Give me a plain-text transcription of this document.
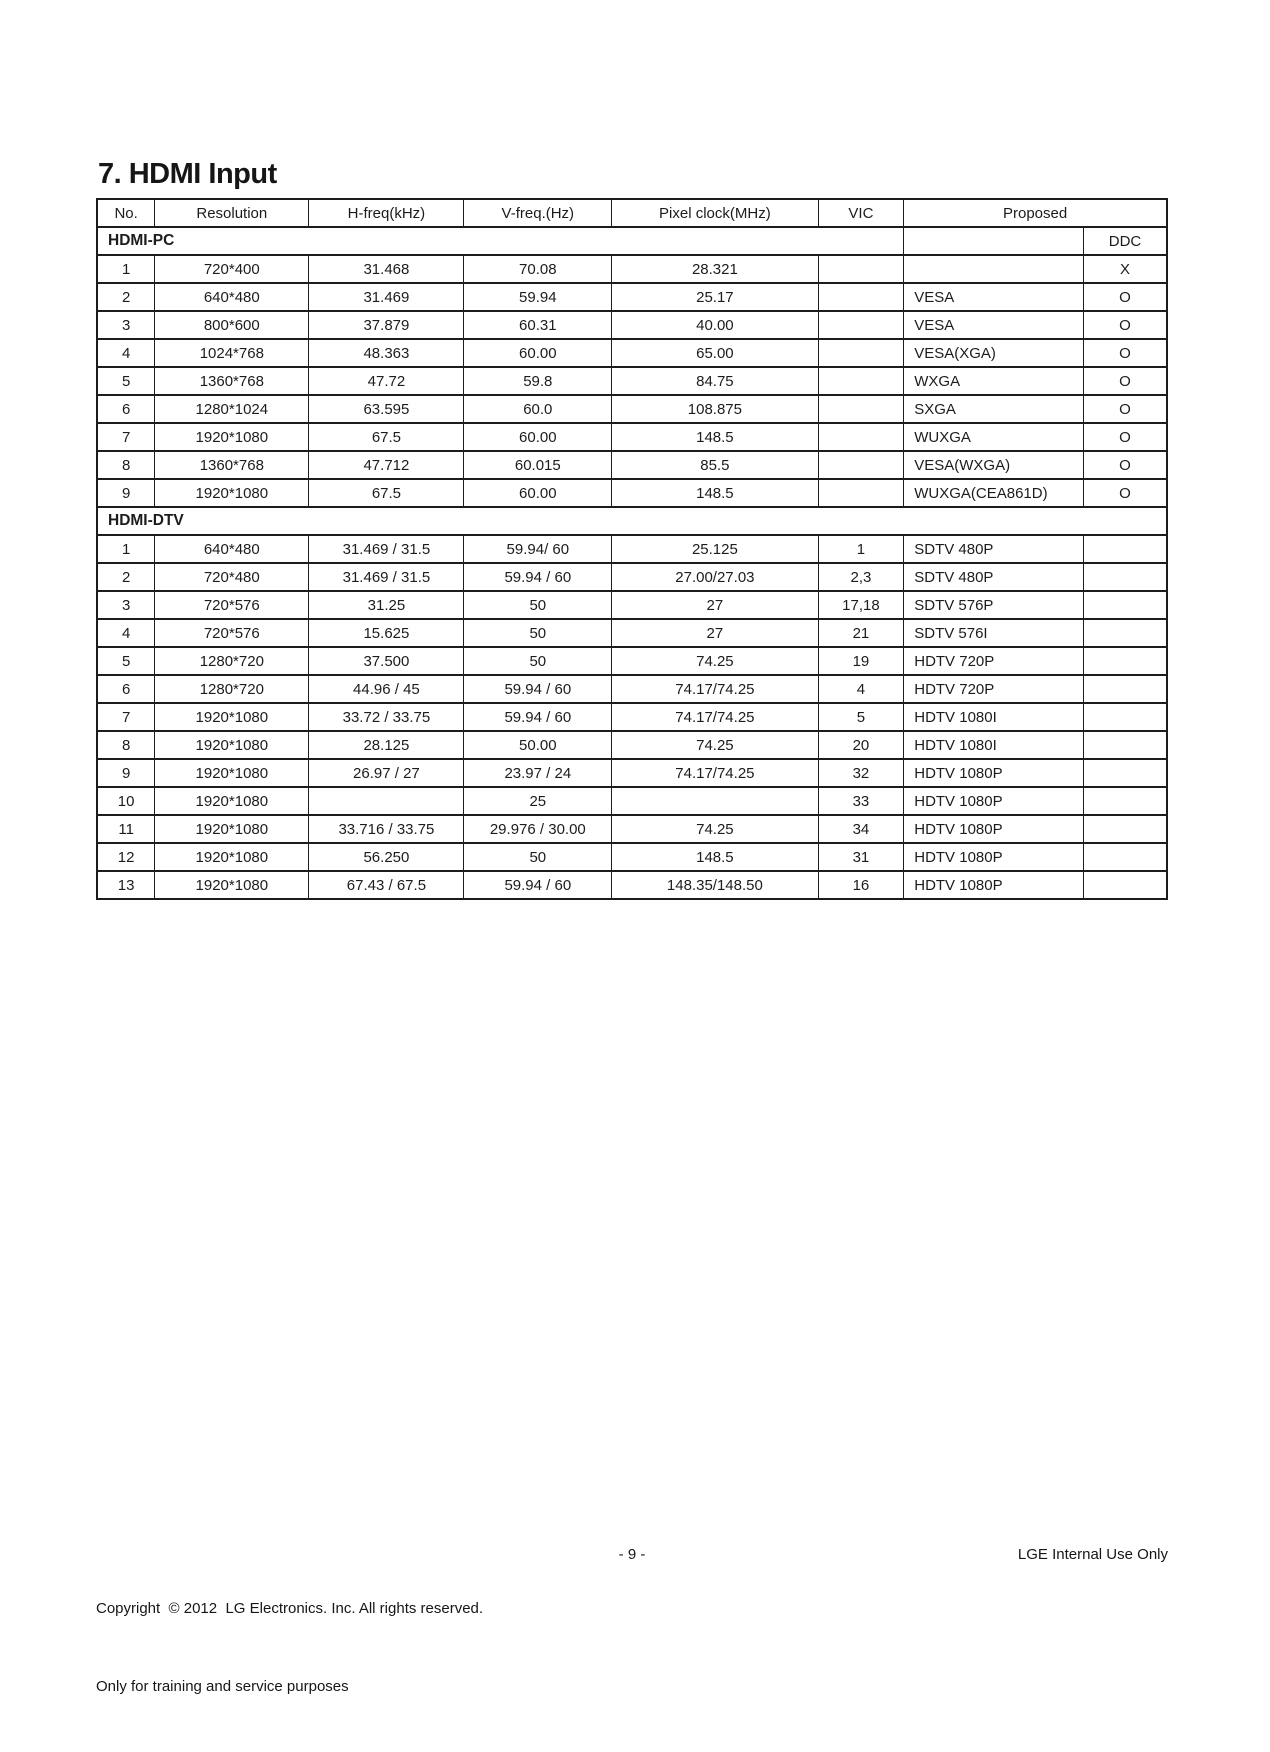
7. HDMI Input
No.	Resolution	H-freq(kHz)	V-freq.(Hz)	Pixel clock(MHz)	VIC	Proposed	
HDMI-PC							DDC
1	720*400	31.468	70.08	28.321			X
2	640*480	31.469	59.94	25.17		VESA	O
3	800*600	37.879	60.31	40.00		VESA	O
4	1024*768	48.363	60.00	65.00		VESA(XGA)	O
5	1360*768	47.72	59.8	84.75		WXGA	O
6	1280*1024	63.595	60.0	108.875		SXGA	O
7	1920*1080	67.5	60.00	148.5		WUXGA	O
8	1360*768	47.712	60.015	85.5		VESA(WXGA)	O
9	1920*1080	67.5	60.00	148.5		WUXGA(CEA861D)	O
HDMI-DTV							
1	640*480	31.469 / 31.5	59.94/ 60	25.125	1	SDTV 480P	
2	720*480	31.469 / 31.5	59.94 / 60	27.00/27.03	2,3	SDTV 480P	
3	720*576	31.25	50	27	17,18	SDTV 576P	
4	720*576	15.625	50	27	21	SDTV 576I	
5	1280*720	37.500	50	74.25	19	HDTV 720P	
6	1280*720	44.96 / 45	59.94 / 60	74.17/74.25	4	HDTV 720P	
7	1920*1080	33.72 / 33.75	59.94 / 60	74.17/74.25	5	HDTV 1080I	
8	1920*1080	28.125	50.00	74.25	20	HDTV 1080I	
9	1920*1080	26.97 / 27	23.97 / 24	74.17/74.25	32	HDTV 1080P	
10	1920*1080		25		33	HDTV 1080P	
11	1920*1080	33.716 / 33.75	29.976 / 30.00	74.25	34	HDTV 1080P	
12	1920*1080	56.250	50	148.5	31	HDTV 1080P	
13	1920*1080	67.43 / 67.5	59.94 / 60	148.35/148.50	16	HDTV 1080P	

Copyright  © 2012  LG Electronics. Inc. All rights reserved.

Only for training and service purposes

- 9 -	LGE Internal Use Only
